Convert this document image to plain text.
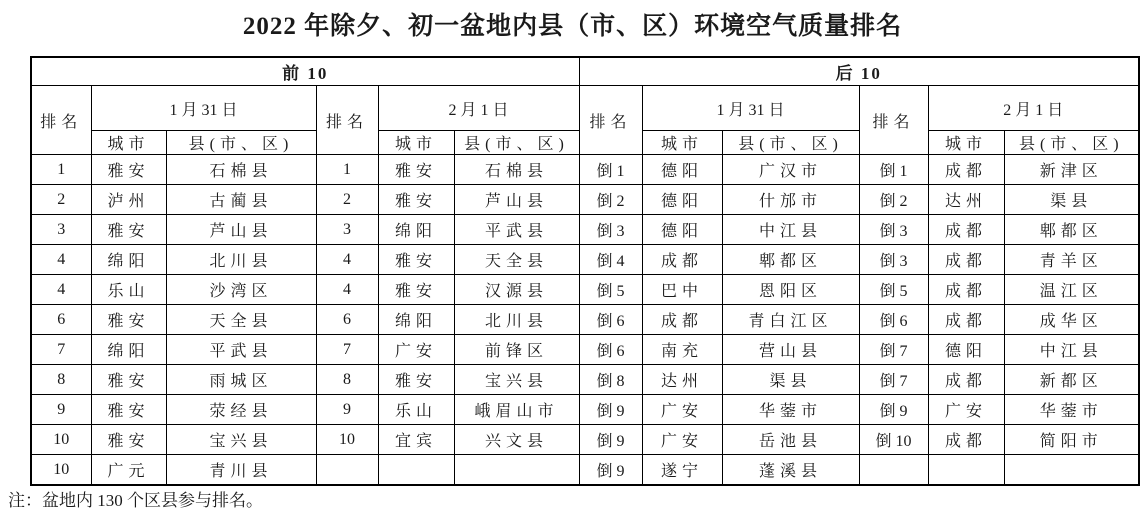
2022 年除夕、初一盆地内县（市、区）环境空气质量排名
前 10						后 10					
排名	1 月 31 日		排名	2 月 1 日		排名	1 月 31 日		排名	2 月 1 日	
	城市	县(市、区)		城市	县(市、区)		城市	县(市、区)		城市	县(市、区)
1	雅安	石棉县	1	雅安	石棉县	倒 1	德阳	广汉市	倒 1	成都	新津区
2	泸州	古蔺县	2	雅安	芦山县	倒 2	德阳	什邡市	倒 2	达州	渠县
3	雅安	芦山县	3	绵阳	平武县	倒 3	德阳	中江县	倒 3	成都	郫都区
4	绵阳	北川县	4	雅安	天全县	倒 4	成都	郫都区	倒 3	成都	青羊区
4	乐山	沙湾区	4	雅安	汉源县	倒 5	巴中	恩阳区	倒 5	成都	温江区
6	雅安	天全县	6	绵阳	北川县	倒 6	成都	青白江区	倒 6	成都	成华区
7	绵阳	平武县	7	广安	前锋区	倒 6	南充	营山县	倒 7	德阳	中江县
8	雅安	雨城区	8	雅安	宝兴县	倒 8	达州	渠县	倒 7	成都	新都区
9	雅安	荥经县	9	乐山	峨眉山市	倒 9	广安	华蓥市	倒 9	广安	华蓥市
10	雅安	宝兴县	10	宜宾	兴文县	倒 9	广安	岳池县	倒 10	成都	简阳市
10	广元	青川县				倒 9	遂宁	蓬溪县			
注：盆地内 130 个区县参与排名。
